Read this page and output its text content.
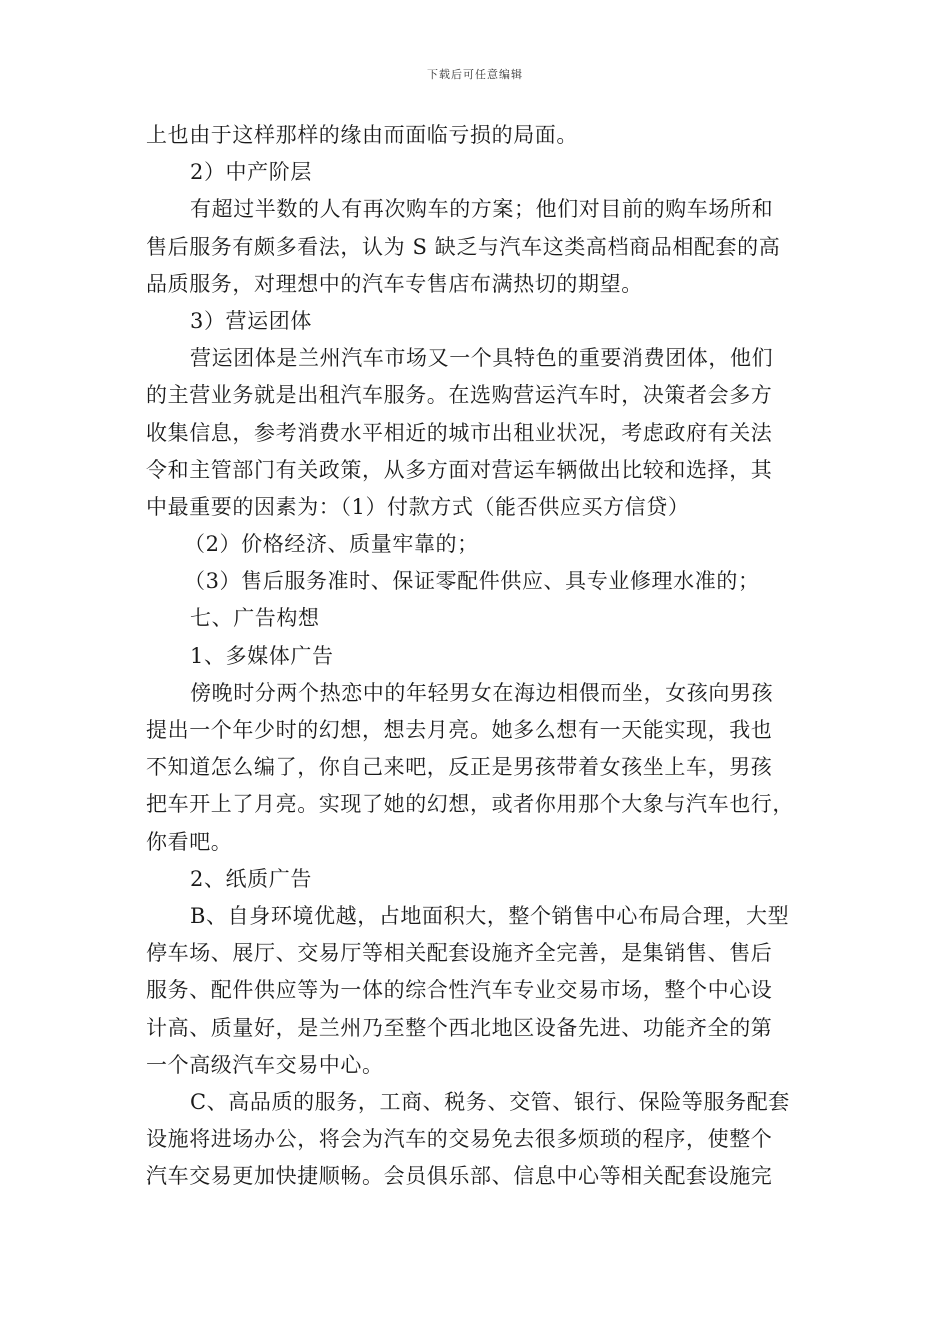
下载后可任意编辑
上也由于这样那样的缘由而面临亏损的局面。
2）中产阶层
有超过半数的人有再次购车的方案；他们对目前的购车场所和
售后服务有颇多看法，认为 S 缺乏与汽车这类高档商品相配套的高
品质服务，对理想中的汽车专售店布满热切的期望。
3）营运团体
营运团体是兰州汽车市场又一个具特色的重要消费团体，他们
的主营业务就是出租汽车服务。在选购营运汽车时，决策者会多方
收集信息，参考消费水平相近的城市出租业状况，考虑政府有关法
令和主管部门有关政策，从多方面对营运车辆做出比较和选择，其
中最重要的因素为：（1）付款方式（能否供应买方信贷）
（2）价格经济、质量牢靠的；
（3）售后服务准时、保证零配件供应、具专业修理水准的；
七、广告构想
1、多媒体广告
傍晚时分两个热恋中的年轻男女在海边相偎而坐，女孩向男孩
提出一个年少时的幻想，想去月亮。她多么想有一天能实现，我也
不知道怎么编了，你自己来吧，反正是男孩带着女孩坐上车，男孩
把车开上了月亮。实现了她的幻想，或者你用那个大象与汽车也行，
你看吧。
2、纸质广告
B、自身环境优越，占地面积大，整个销售中心布局合理，大型
停车场、展厅、交易厅等相关配套设施齐全完善，是集销售、售后
服务、配件供应等为一体的综合性汽车专业交易市场，整个中心设
计高、质量好，是兰州乃至整个西北地区设备先进、功能齐全的第
一个高级汽车交易中心。
C、高品质的服务，工商、税务、交管、银行、保险等服务配套
设施将进场办公，将会为汽车的交易免去很多烦琐的程序，使整个
汽车交易更加快捷顺畅。会员俱乐部、信息中心等相关配套设施完
